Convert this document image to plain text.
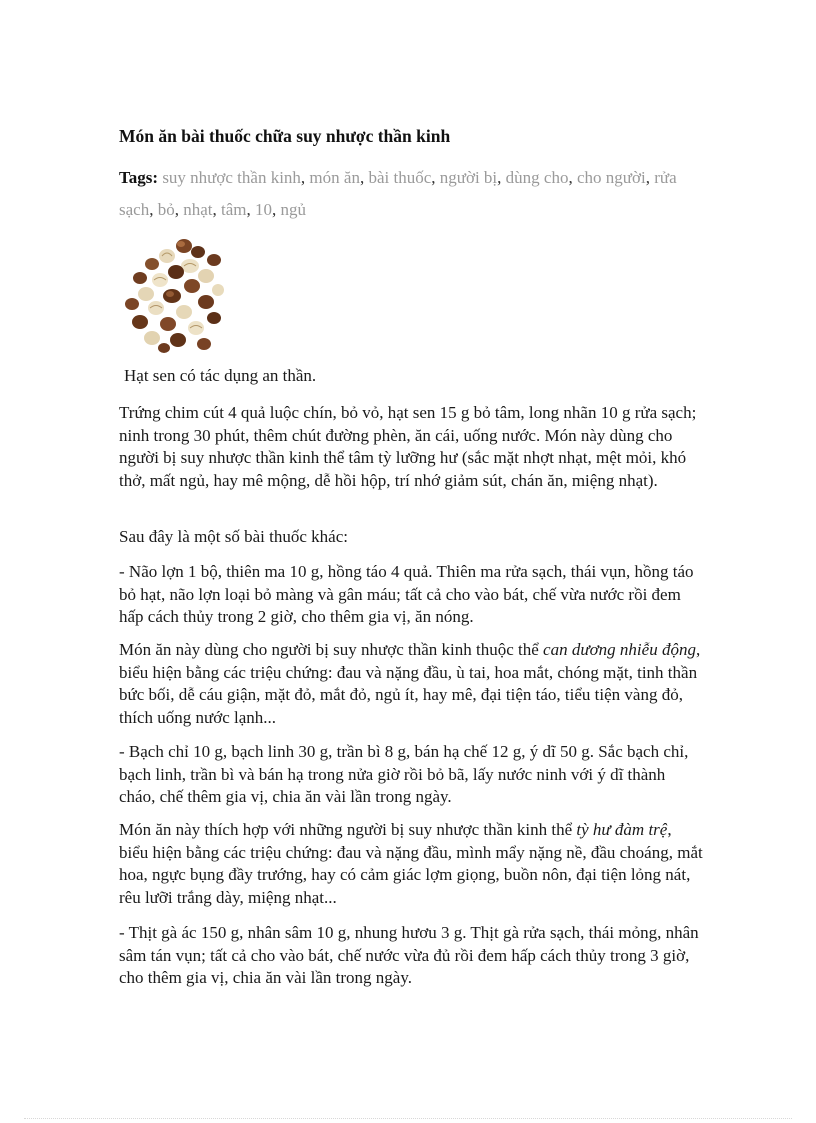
Món ăn bài thuốc chữa suy nhược thần kinh

Tags: suy nhược thần kinh, món ăn, bài thuốc, người bị, dùng cho, cho người, rửa sạch, bỏ, nhạt, tâm, 10, ngủ

Hạt sen có tác dụng an thần.

Trứng chim cút 4 quả luộc chín, bỏ vỏ, hạt sen 15 g bỏ tâm, long nhãn 10 g rửa sạch; ninh trong 30 phút, thêm chút đường phèn, ăn cái, uống nước. Món này dùng cho người bị suy nhược thần kinh thể tâm tỳ lưỡng hư (sắc mặt nhợt nhạt, mệt mỏi, khó thở, mất ngủ, hay mê mộng, dễ hồi hộp, trí nhớ giảm sút, chán ăn, miệng nhạt).

Sau đây là một số bài thuốc khác:

- Não lợn 1 bộ, thiên ma 10 g, hồng táo 4 quả. Thiên ma rửa sạch, thái vụn, hồng táo bỏ hạt, não lợn loại bỏ màng và gân máu; tất cả cho vào bát, chế vừa nước rồi đem hấp cách thủy trong 2 giờ, cho thêm gia vị, ăn nóng.

Món ăn này dùng cho người bị suy nhược thần kinh thuộc thể can dương nhiễu động, biểu hiện bằng các triệu chứng: đau và nặng đầu, ù tai, hoa mắt, chóng mặt, tinh thần bức bối, dễ cáu giận, mặt đỏ, mắt đỏ, ngủ ít, hay mê, đại tiện táo, tiểu tiện vàng đỏ, thích uống nước lạnh...

- Bạch chỉ 10 g, bạch linh 30 g, trần bì 8 g, bán hạ chế 12 g, ý dĩ 50 g. Sắc bạch chỉ, bạch linh, trần bì và bán hạ trong nửa giờ rồi bỏ bã, lấy nước ninh với ý dĩ thành cháo, chế thêm gia vị, chia ăn vài lần trong ngày.

Món ăn này thích hợp với những người bị suy nhược thần kinh thể tỳ hư đàm trệ, biểu hiện bằng các triệu chứng: đau và nặng đầu, mình mẩy nặng nề, đầu choáng, mắt hoa, ngực bụng đầy trướng, hay có cảm giác lợm giọng, buồn nôn, đại tiện lỏng nát, rêu lưỡi trắng dày, miệng nhạt...

- Thịt gà ác 150 g, nhân sâm 10 g, nhung hươu 3 g. Thịt gà rửa sạch, thái mỏng, nhân sâm tán vụn; tất cả cho vào bát, chế nước vừa đủ rồi đem hấp cách thủy trong 3 giờ, cho thêm gia vị, chia ăn vài lần trong ngày.
